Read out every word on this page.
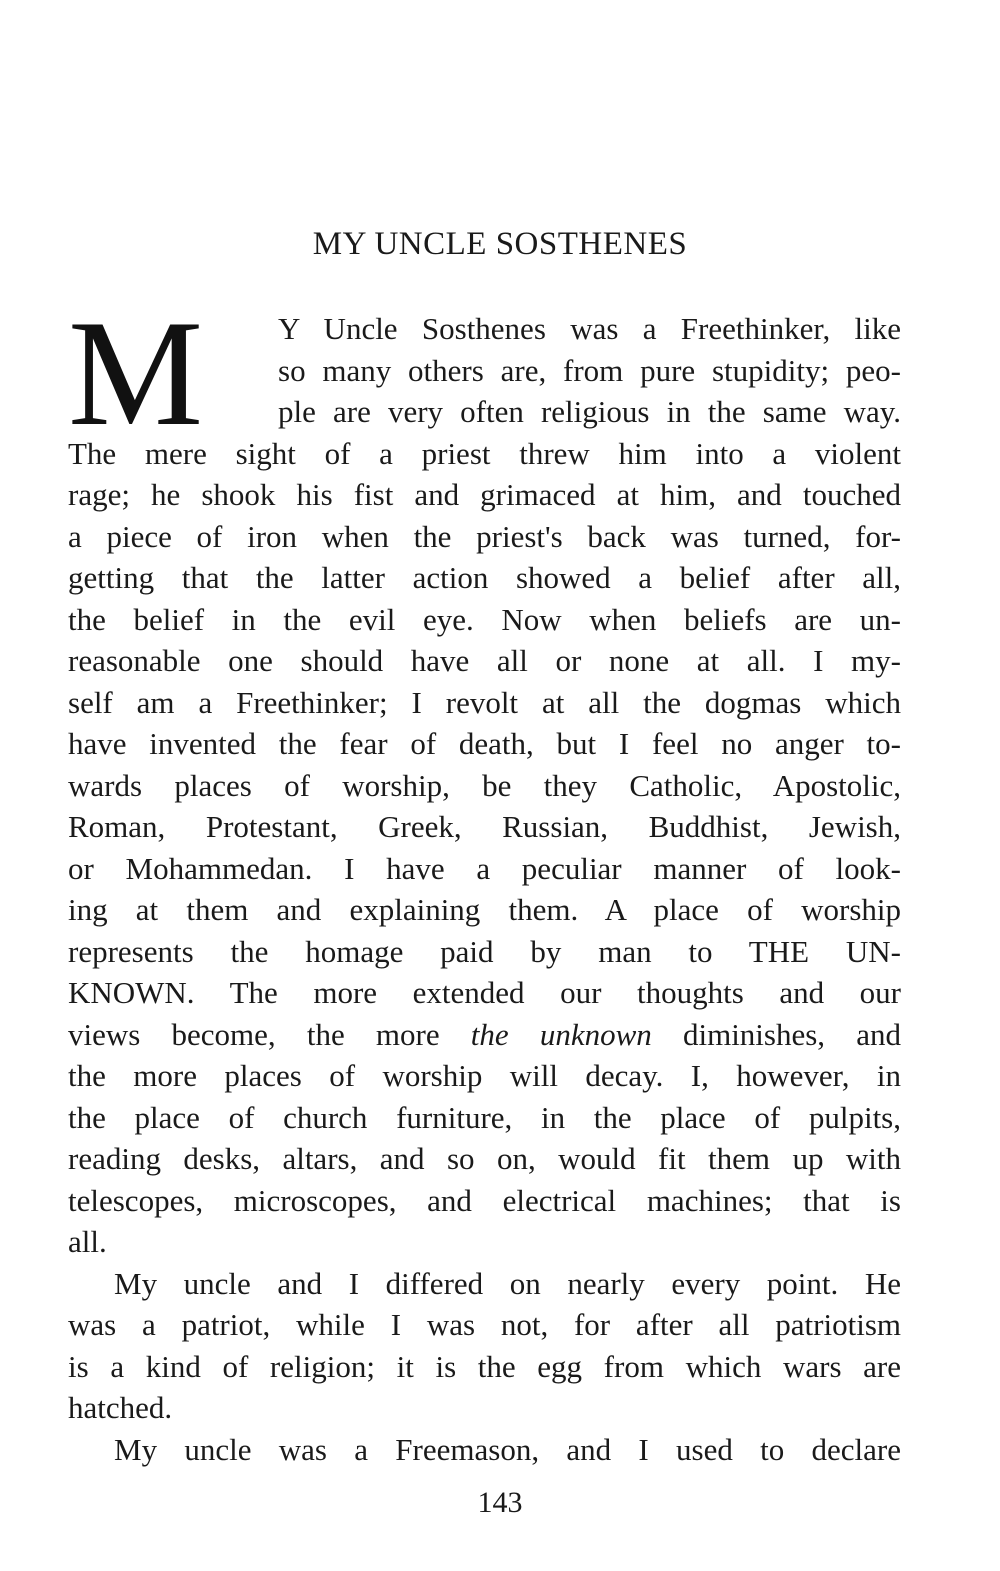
MY UNCLE SOSTHENES
M	Y Uncle Sosthenes was a Freethinker, like
so many others are, from pure stupidity; peo-
ple are very often religious in the same way.
The mere sight of a priest threw him into a violent
rage; he shook his fist and grimaced at him, and touched
a piece of iron when the priest's back was turned, for-
getting that the latter action showed a belief after all,
the belief in the evil eye. Now when beliefs are un-
reasonable one should have all or none at all. I my-
self am a Freethinker; I revolt at all the dogmas which
have invented the fear of death, but I feel no anger to-
wards places of worship, be they Catholic, Apostolic,
Roman, Protestant, Greek, Russian, Buddhist, Jewish,
or Mohammedan. I have a peculiar manner of look-
ing at them and explaining them. A place of worship
represents the homage paid by man to THE UN-
KNOWN. The more extended our thoughts and our
views become, the more the unknown diminishes, and
the more places of worship will decay. I, however, in
the place of church furniture, in the place of pulpits,
reading desks, altars, and so on, would fit them up with
telescopes, microscopes, and electrical machines; that is
all.
My uncle and I differed on nearly every point. He
was a patriot, while I was not, for after all patriotism
is a kind of religion; it is the egg from which wars are
hatched.
My uncle was a Freemason, and I used to declare
143
